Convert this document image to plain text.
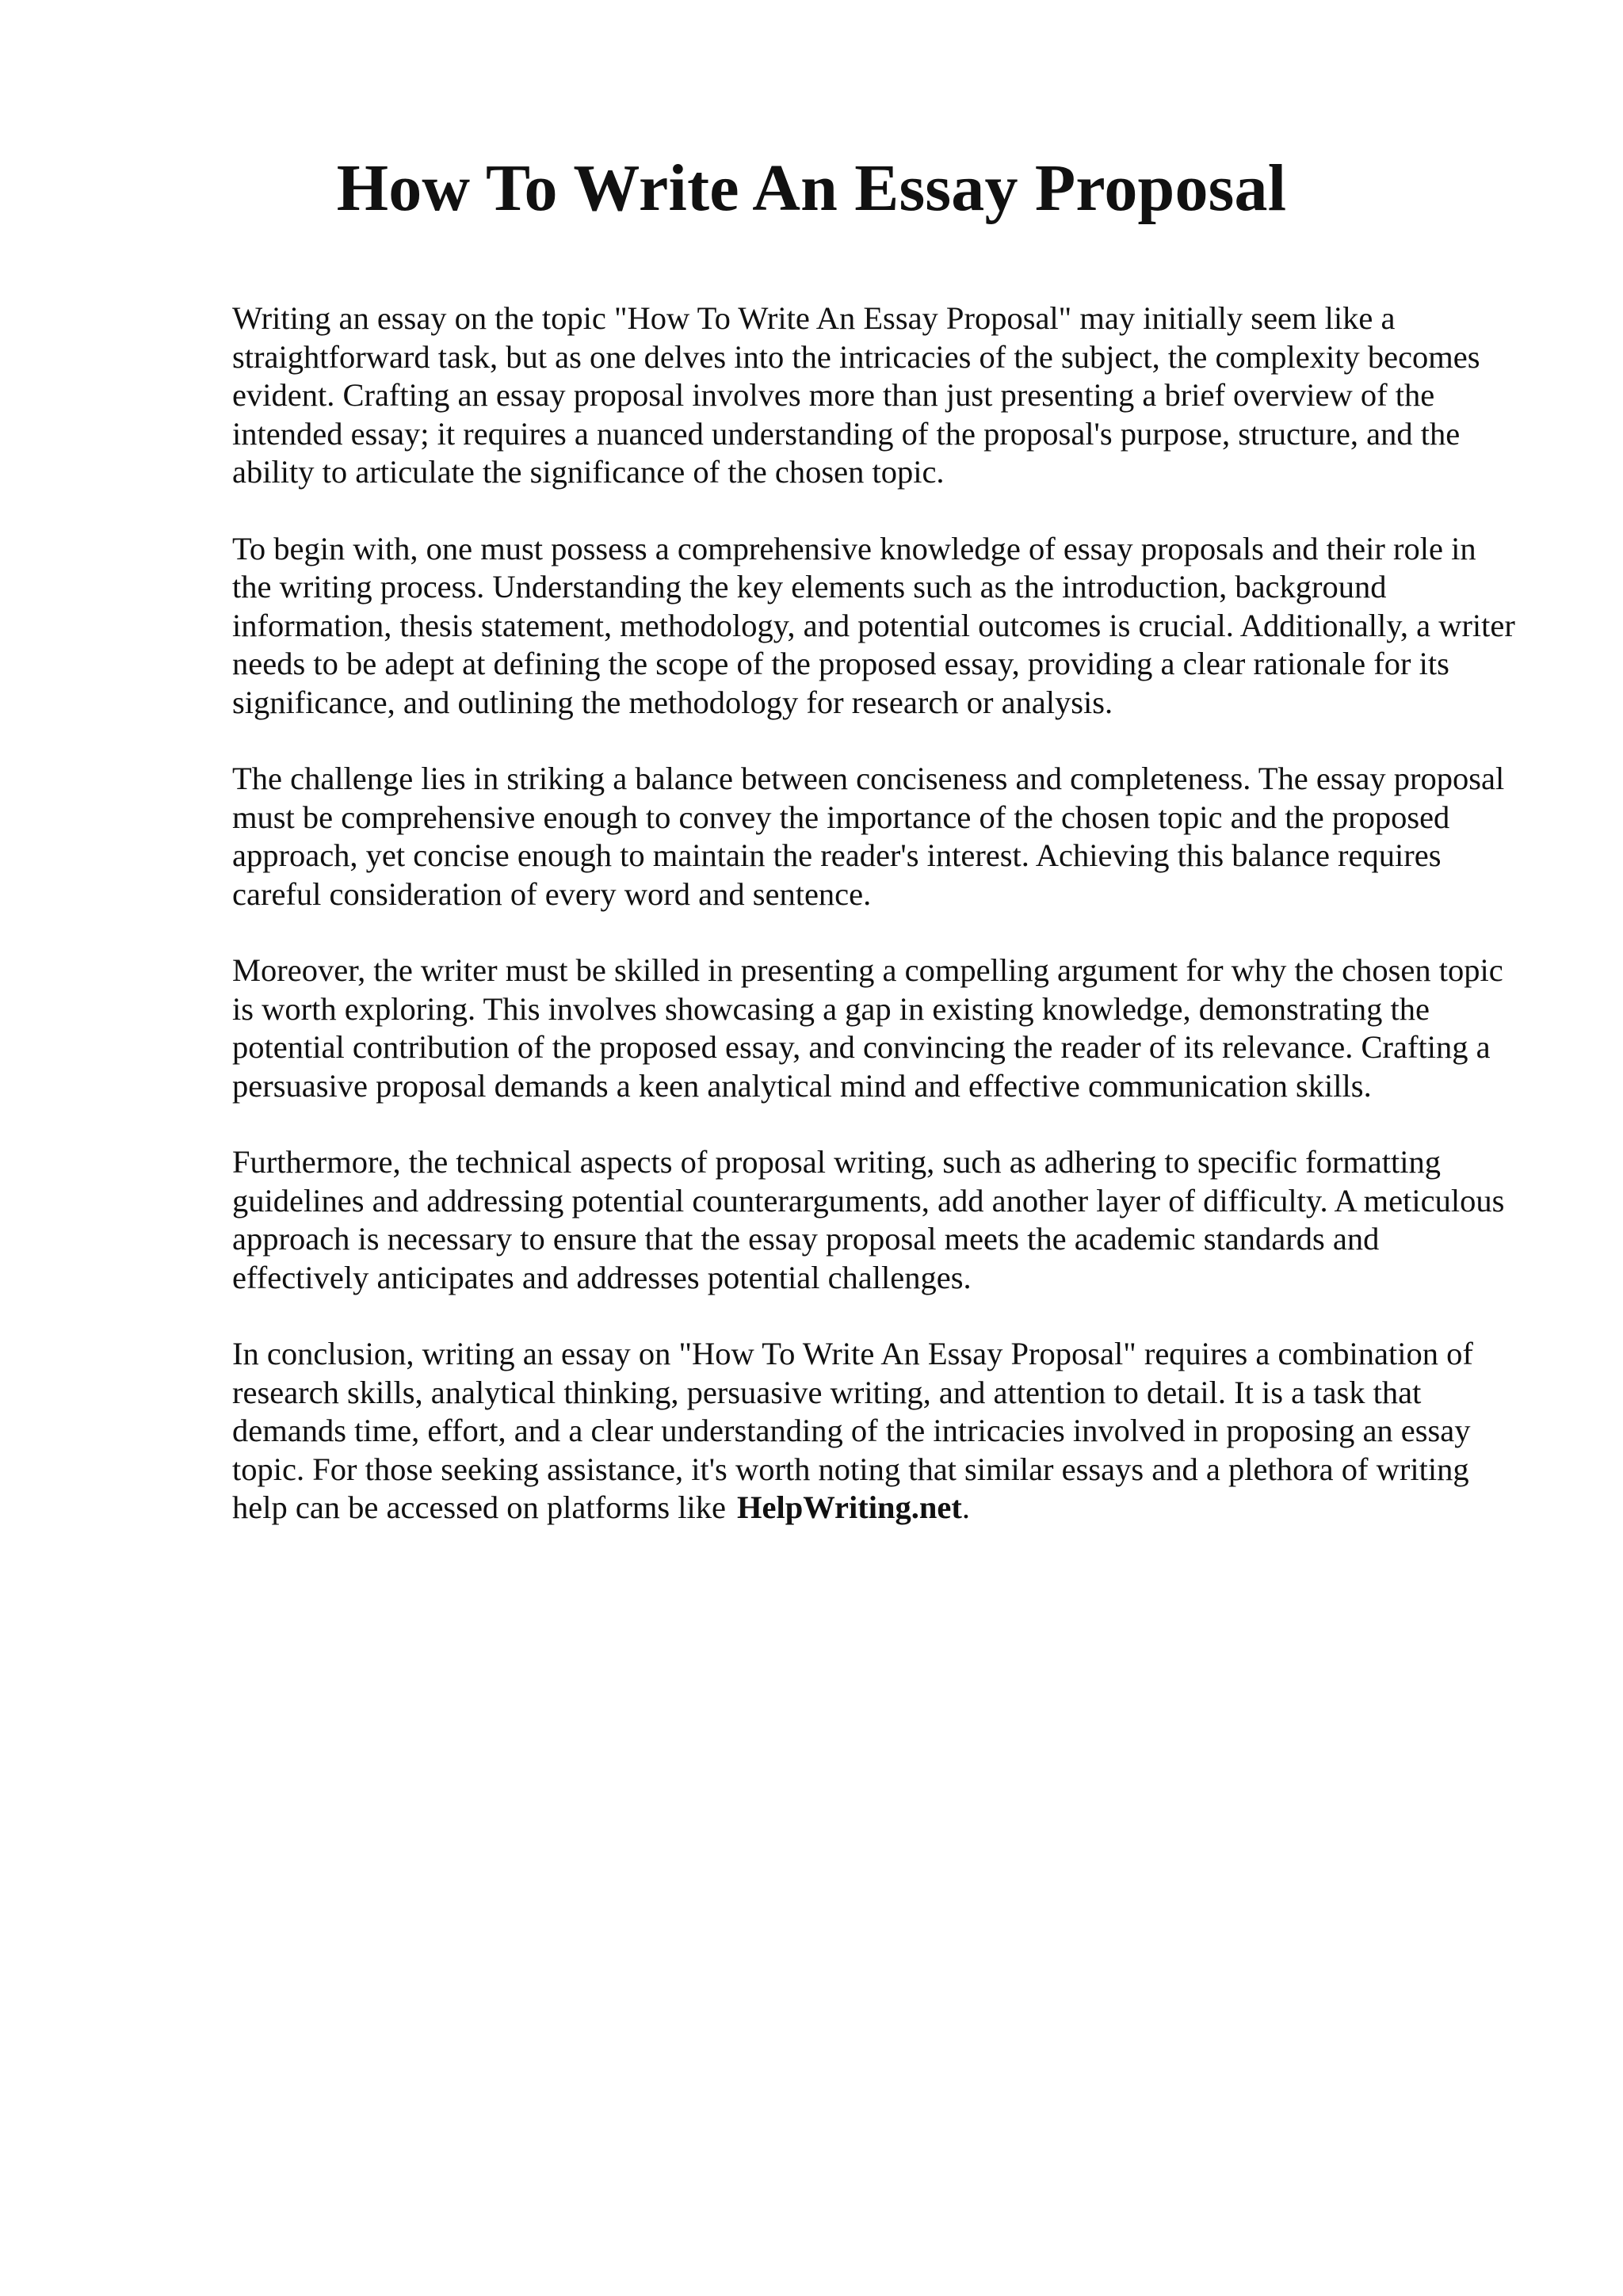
How To Write An Essay Proposal

Writing an essay on the topic "How To Write An Essay Proposal" may initially seem like a straightforward task, but as one delves into the intricacies of the subject, the complexity becomes evident. Crafting an essay proposal involves more than just presenting a brief overview of the intended essay; it requires a nuanced understanding of the proposal's purpose, structure, and the ability to articulate the significance of the chosen topic.

To begin with, one must possess a comprehensive knowledge of essay proposals and their role in the writing process. Understanding the key elements such as the introduction, background information, thesis statement, methodology, and potential outcomes is crucial. Additionally, a writer needs to be adept at defining the scope of the proposed essay, providing a clear rationale for its significance, and outlining the methodology for research or analysis.

The challenge lies in striking a balance between conciseness and completeness. The essay proposal must be comprehensive enough to convey the importance of the chosen topic and the proposed approach, yet concise enough to maintain the reader's interest. Achieving this balance requires careful consideration of every word and sentence.

Moreover, the writer must be skilled in presenting a compelling argument for why the chosen topic is worth exploring. This involves showcasing a gap in existing knowledge, demonstrating the potential contribution of the proposed essay, and convincing the reader of its relevance. Crafting a persuasive proposal demands a keen analytical mind and effective communication skills.

Furthermore, the technical aspects of proposal writing, such as adhering to specific formatting guidelines and addressing potential counterarguments, add another layer of difficulty. A meticulous approach is necessary to ensure that the essay proposal meets the academic standards and effectively anticipates and addresses potential challenges.

In conclusion, writing an essay on "How To Write An Essay Proposal" requires a combination of research skills, analytical thinking, persuasive writing, and attention to detail. It is a task that demands time, effort, and a clear understanding of the intricacies involved in proposing an essay topic. For those seeking assistance, it's worth noting that similar essays and a plethora of writing help can be accessed on platforms like HelpWriting.net.
